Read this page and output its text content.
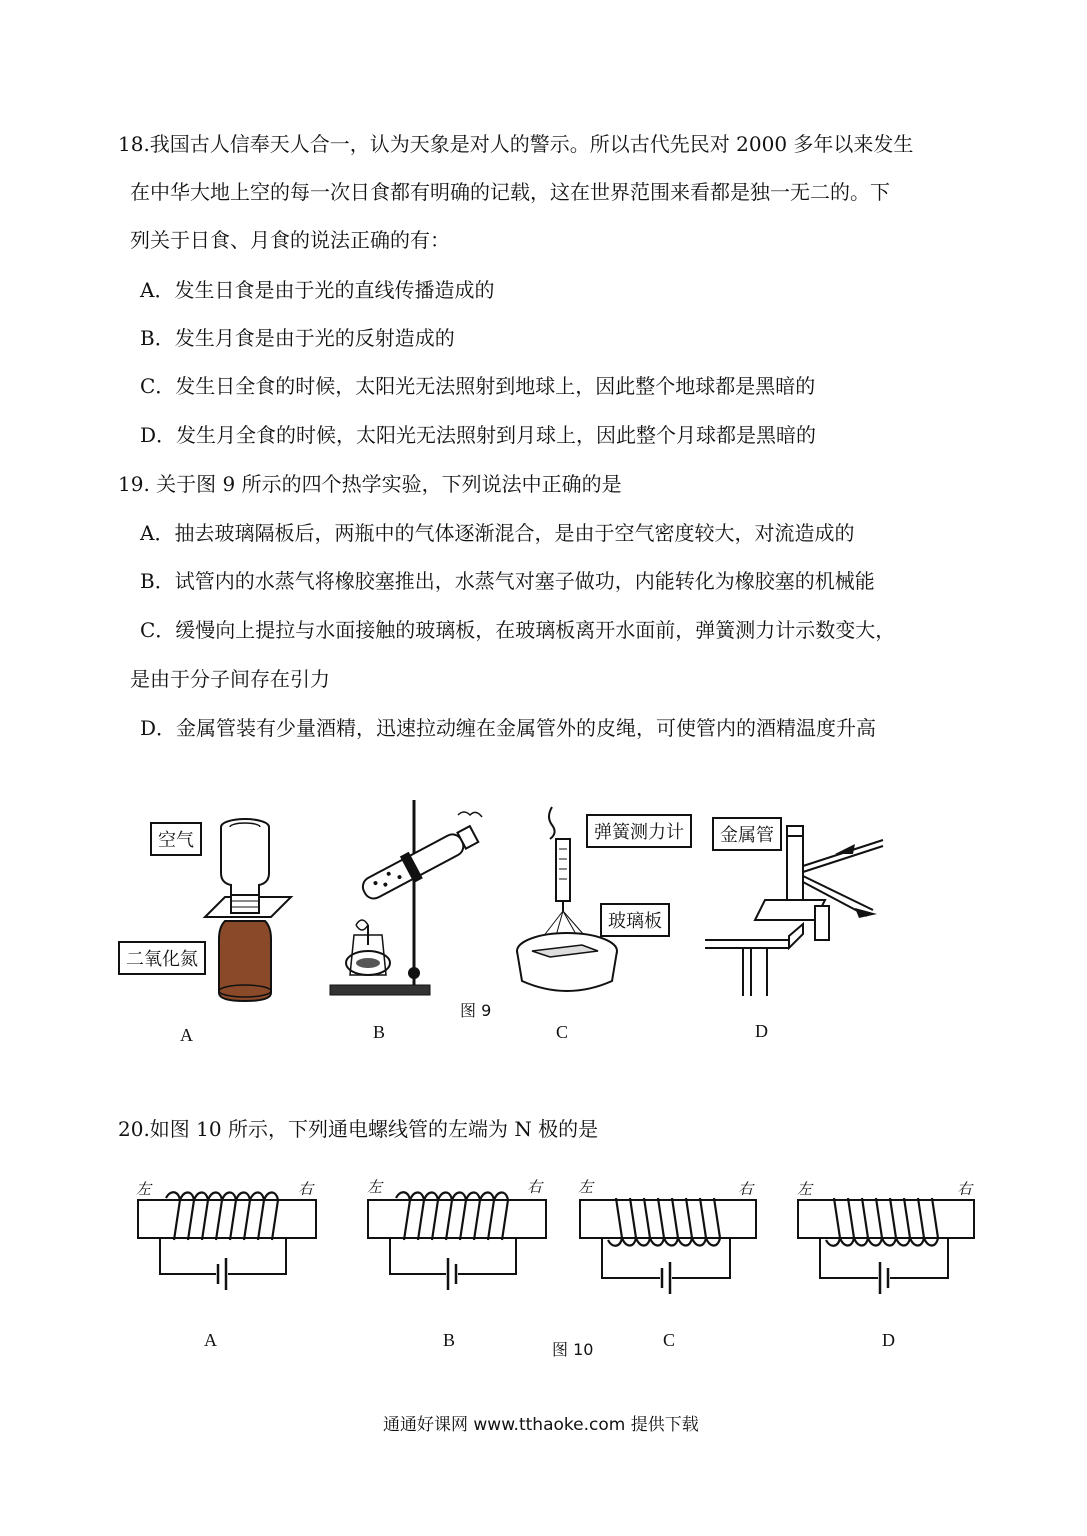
18.我国古人信奉天人合一，认为天象是对人的警示。所以古代先民对 2000 多年以来发生
在中华大地上空的每一次日食都有明确的记载，这在世界范围来看都是独一无二的。下
列关于日食、月食的说法正确的有：
A．发生日食是由于光的直线传播造成的
B．发生月食是由于光的反射造成的
C．发生日全食的时候，太阳光无法照射到地球上，因此整个地球都是黑暗的
D．发生月全食的时候，太阳光无法照射到月球上，因此整个月球都是黑暗的
19. 关于图 9 所示的四个热学实验，下列说法中正确的是
A．抽去玻璃隔板后，两瓶中的气体逐渐混合，是由于空气密度较大，对流造成的
B．试管内的水蒸气将橡胶塞推出，水蒸气对塞子做功，内能转化为橡胶塞的机械能
C．缓慢向上提拉与水面接触的玻璃板，在玻璃板离开水面前，弹簧测力计示数变大，
是由于分子间存在引力
D．金属管装有少量酒精，迅速拉动缠在金属管外的皮绳，可使管内的酒精温度升高
空气
二氧化氮
A	B
图 9
弹簧测力计
玻璃板
C
金属管
D
20.如图 10 所示，下列通电螺线管的左端为 N 极的是
左	右	左	右 左	右	左	右
A	B	图 10	C	D
通通好课网 www.tthaoke.com 提供下载
